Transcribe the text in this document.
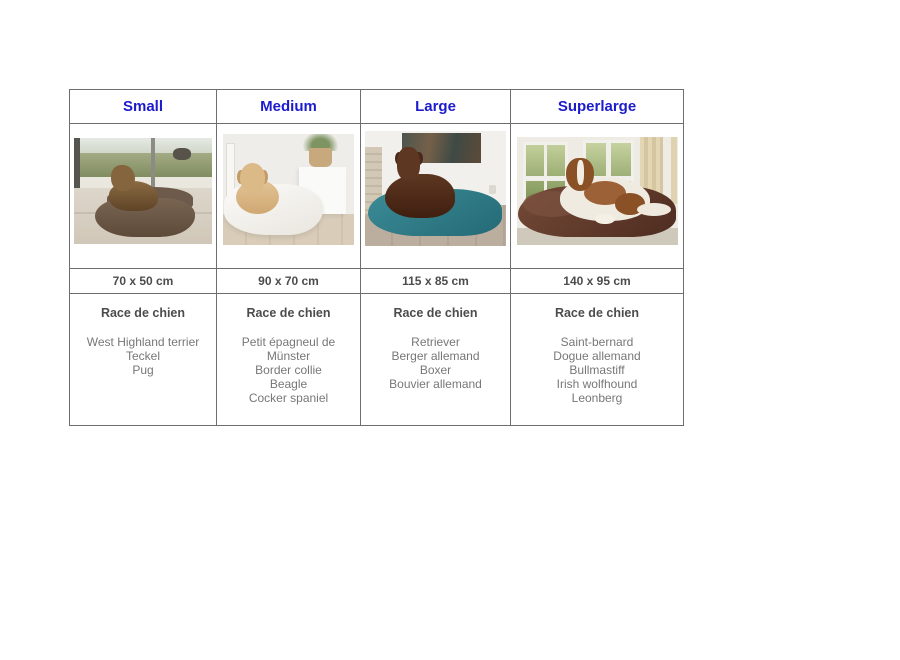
Small
70 x 50 cm
Race de chien
West Highland terrier
Teckel
Pug
Medium
90 x 70 cm
Race de chien
Petit épagneul de Münster
Border collie
Beagle
Cocker spaniel
Large
115 x 85 cm
Race de chien
Retriever
Berger allemand
Boxer
Bouvier allemand
Superlarge
140 x 95 cm
Race de chien
Saint-bernard
Dogue allemand
Bullmastiff
Irish wolfhound
Leonberg
